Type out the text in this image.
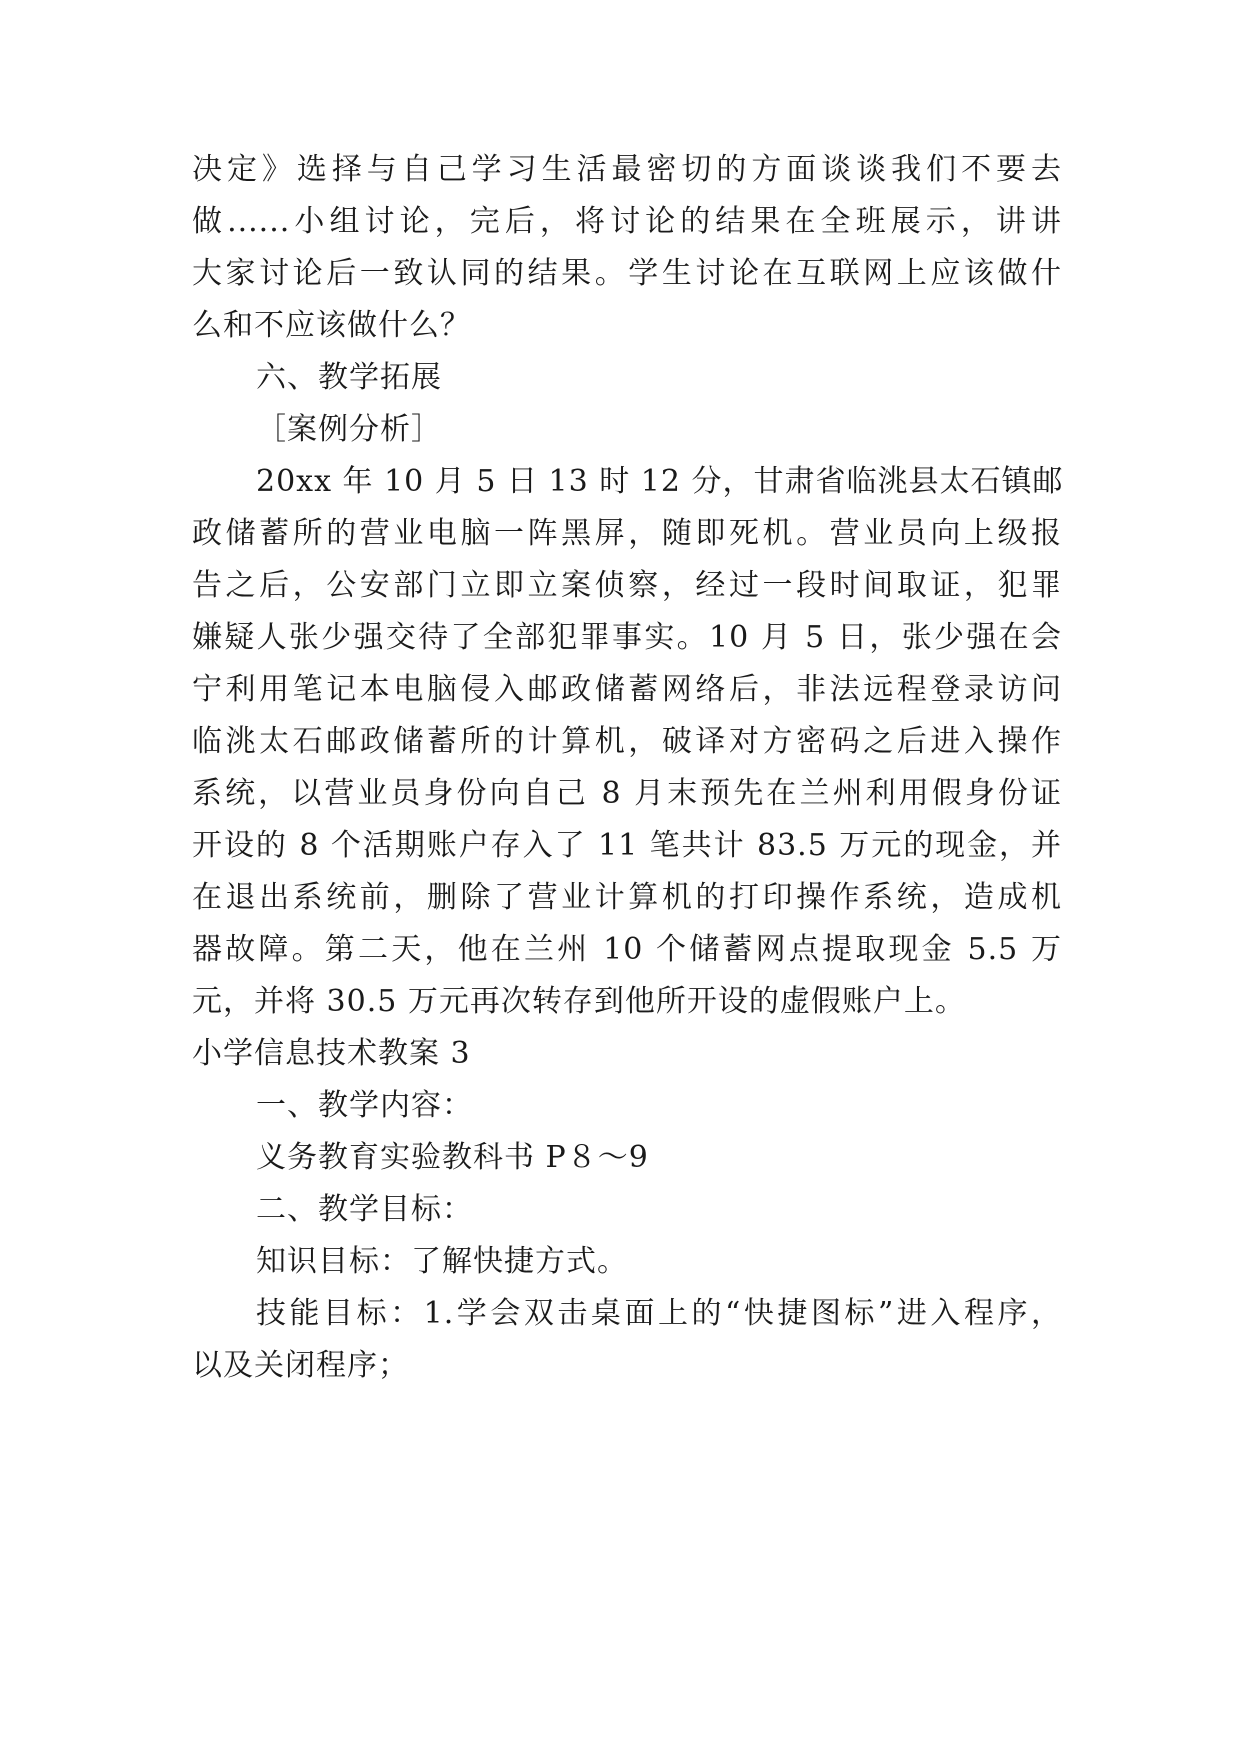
决定》选择与自己学习生活最密切的方面谈谈我们不要去
做......小组讨论，完后，将讨论的结果在全班展示，讲讲
大家讨论后一致认同的结果。学生讨论在互联网上应该做什
么和不应该做什么？
六、教学拓展
［案例分析］
20xx 年 10 月 5 日 13 时 12 分，甘肃省临洮县太石镇邮
政储蓄所的营业电脑一阵黑屏，随即死机。营业员向上级报
告之后，公安部门立即立案侦察，经过一段时间取证，犯罪
嫌疑人张少强交待了全部犯罪事实。10 月 5 日，张少强在会
宁利用笔记本电脑侵入邮政储蓄网络后，非法远程登录访问
临洮太石邮政储蓄所的计算机，破译对方密码之后进入操作
系统，以营业员身份向自己 8 月末预先在兰州利用假身份证
开设的 8 个活期账户存入了 11 笔共计 83.5 万元的现金，并
在退出系统前，删除了营业计算机的打印操作系统，造成机
器故障。第二天，他在兰州 10 个储蓄网点提取现金 5.5 万
元，并将 30.5 万元再次转存到他所开设的虚假账户上。
小学信息技术教案 3
一、教学内容：
义务教育实验教科书 P８～9
二、教学目标：
知识目标：了解快捷方式。
技能目标：1.学会双击桌面上的“快捷图标”进入程序，
以及关闭程序；
